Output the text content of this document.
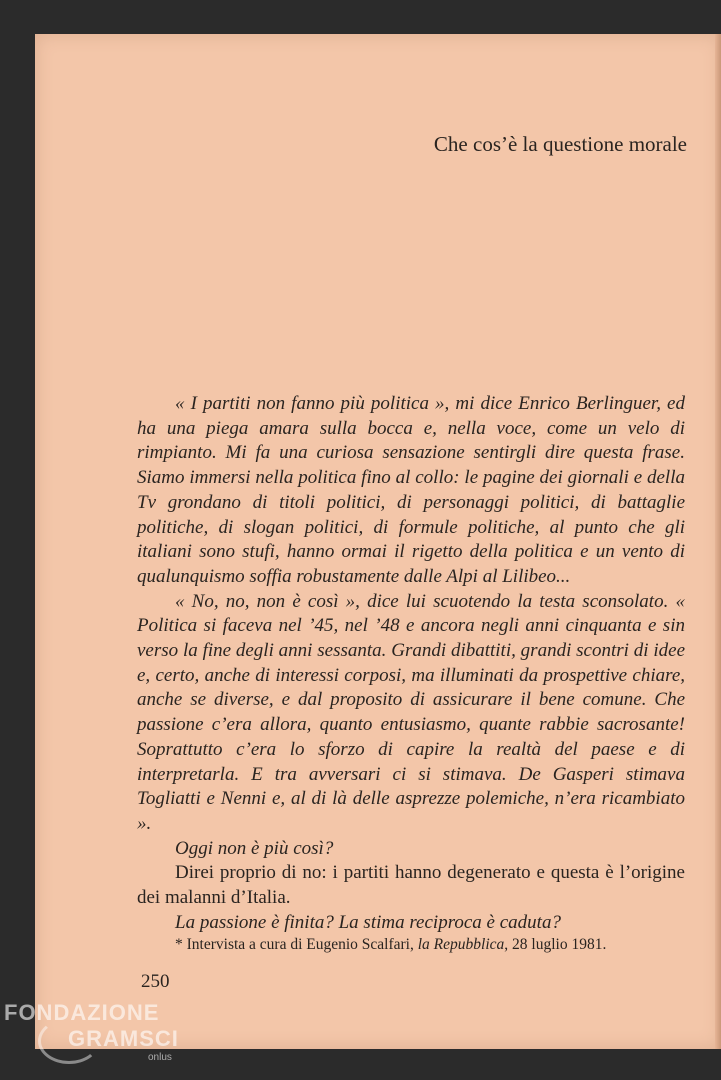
Che cos’è la questione morale

« I partiti non fanno più politica », mi dice Enrico Berlinguer, ed ha una piega amara sulla bocca e, nella voce, come un velo di rimpianto. Mi fa una curiosa sensazione sentirgli dire questa frase. Siamo immersi nella politica fino al collo: le pagine dei giornali e della Tv grondano di titoli politici, di personaggi politici, di battaglie politiche, di slogan politici, di formule politiche, al punto che gli italiani sono stufi, hanno ormai il rigetto della politica e un vento di qualunquismo soffia robustamente dalle Alpi al Lilibeo...

« No, no, non è così », dice lui scuotendo la testa sconsolato. « Politica si faceva nel ’45, nel ’48 e ancora negli anni cinquanta e sin verso la fine degli anni sessanta. Grandi dibattiti, grandi scontri di idee e, certo, anche di interessi corposi, ma illuminati da prospettive chiare, anche se diverse, e dal proposito di assicurare il bene comune. Che passione c’era allora, quanto entusiasmo, quante rabbie sacrosante! Soprattutto c’era lo sforzo di capire la realtà del paese e di interpretarla. E tra avversari ci si stimava. De Gasperi stimava Togliatti e Nenni e, al di là delle asprezze polemiche, n’era ricambiato ».

Oggi non è più così?

Direi proprio di no: i partiti hanno degenerato e questa è l’origine dei malanni d’Italia.

La passione è finita? La stima reciproca è caduta?

* Intervista a cura di Eugenio Scalfari, la Repubblica, 28 luglio 1981.
250
FONDAZIONE
GRAMSCI
onlus
